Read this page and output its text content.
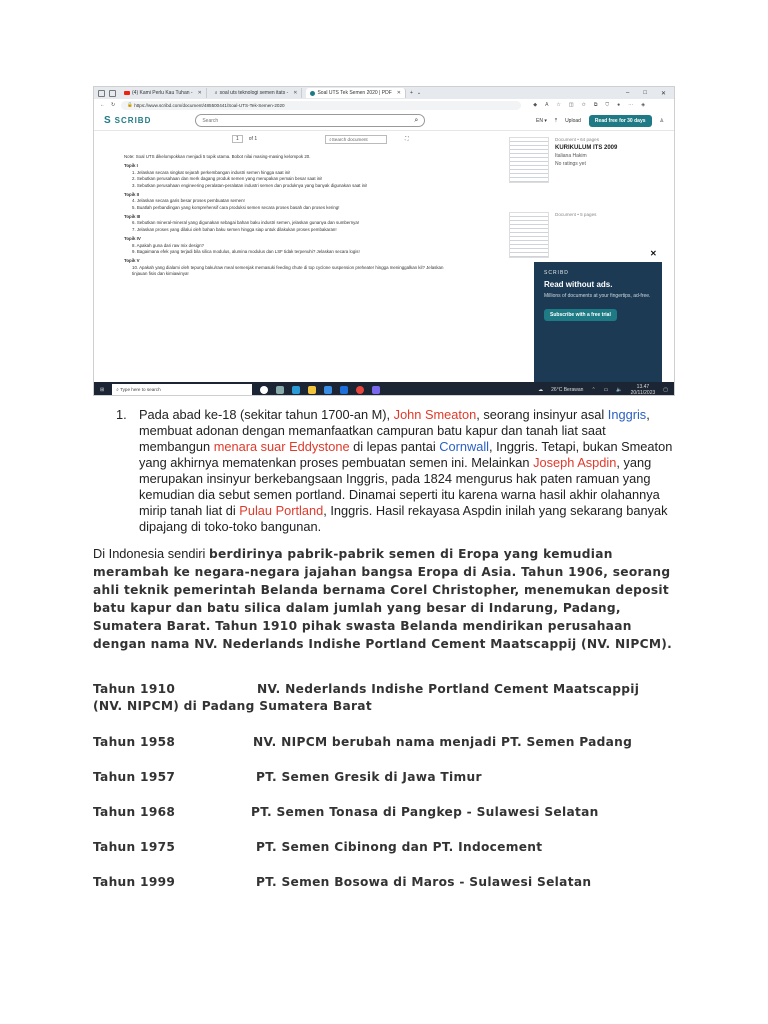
(4) Kami Perlu Kau Tuhan - ✕	⌕ soal uts teknologi semen itats - ✕	Soal UTS Tek Semen 2020 | PDF ✕ + ⌄	– □ ✕
← ↻	🔒 https://www.scribd.com/document/485500441/Soal-UTS-Tek-Semen-2020	◆ A ☆ ◫ ✩ ⧉ ⛉ ● ⋯ ◈
S SCRIBD	Search	⌕	EN ▾ ⤒ Upload	Read free for 30 days	♙
1	of 1	⌕ Search document	⛶
Note: Soal UTS dikelompokkan menjadi 5 topik utama. Bobot nilai masing-masing kelompok 20.
Topik I
1. Jelaskan secara singkat sejarah perkembangan industri semen hingga saat ini!
2. Sebutkan perusahaan dan merk dagang produk semen yang merupakan pemain besar saat ini!
3. Sebutkan perusahaan engineering peralatan-peralatan industri semen dan produknya yang banyak digunakan saat ini!
Topik II
4. Jelaskan secara garis besar proses pembuatan semen!
5. Buatlah perbandingan yang komprehensif cara produksi semen secara proses basah dan proses kering!
Topik III
6. Sebutkan mineral-mineral yang digunakan sebagai bahan baku industri semen, jelaskan gunanya dan sumbernya!
7. Jelaskan proses yang dilalui oleh bahan baku semen hingga siap untuk dilakukan proses pembakaran!
Topik IV
8. Apakah guna dari raw mix design?
9. Bagaimana efek yang terjadi bila silica modulus, alumina modulus dan LSF tidak terpenuhi? Jelaskan secara logis!
Topik V
10. Apakah yang dialami oleh tepung baku/raw meal semenjak memasuki feeding chute di top cyclone suspension preheater hingga meninggalkan kil? Jelaskan tinjauan fisis dan kimiawinya!
Document • 64 pages
KURIKULUM ITS 2009
Italiana Hakim
No ratings yet
Document • 5 pages
✕
SCRIBD
Read without ads.
Millions of documents at your fingertips, ad-free.
Subscribe with a free trial
⊞	⌕ Type here to search	☁ 26°C Berawan ⌃ ▭ 🔈	13.47
20/11/2023 ▢
1. Pada abad ke-18 (sekitar tahun 1700-an M), John Smeaton, seorang insinyur asal Inggris, membuat adonan dengan memanfaatkan campuran batu kapur dan tanah liat saat membangun menara suar Eddystone di lepas pantai Cornwall, Inggris. Tetapi, bukan Smeaton yang akhirnya mematenkan proses pembuatan semen ini. Melainkan Joseph Aspdin, yang merupakan insinyur berkebangsaan Inggris, pada 1824 mengurus hak paten ramuan yang kemudian dia sebut semen portland. Dinamai seperti itu karena warna hasil akhir olahannya mirip tanah liat di Pulau Portland, Inggris. Hasil rekayasa Aspdin inilah yang sekarang banyak dipajang di toko-toko bangunan.
Di Indonesia sendiri berdirinya pabrik-pabrik semen di Eropa yang kemudian merambah ke negara-negara jajahan bangsa Eropa di Asia. Tahun 1906, seorang ahli teknik pemerintah Belanda bernama Corel Christopher, menemukan deposit batu kapur dan batu silica dalam jumlah yang besar di Indarung, Padang, Sumatera Barat. Tahun 1910 pihak swasta Belanda mendirikan perusahaan dengan nama NV. Nederlands Indishe Portland Cement Maatscappij (NV. NIPCM).
Tahun 1910	NV. Nederlands Indishe Portland Cement Maatscappij
(NV. NIPCM) di Padang Sumatera Barat
Tahun 1958	NV. NIPCM berubah nama menjadi PT. Semen Padang
Tahun 1957	PT. Semen Gresik di Jawa Timur
Tahun 1968	PT. Semen Tonasa di Pangkep - Sulawesi Selatan
Tahun 1975	PT. Semen Cibinong dan PT. Indocement
Tahun 1999	PT. Semen Bosowa di Maros - Sulawesi Selatan
